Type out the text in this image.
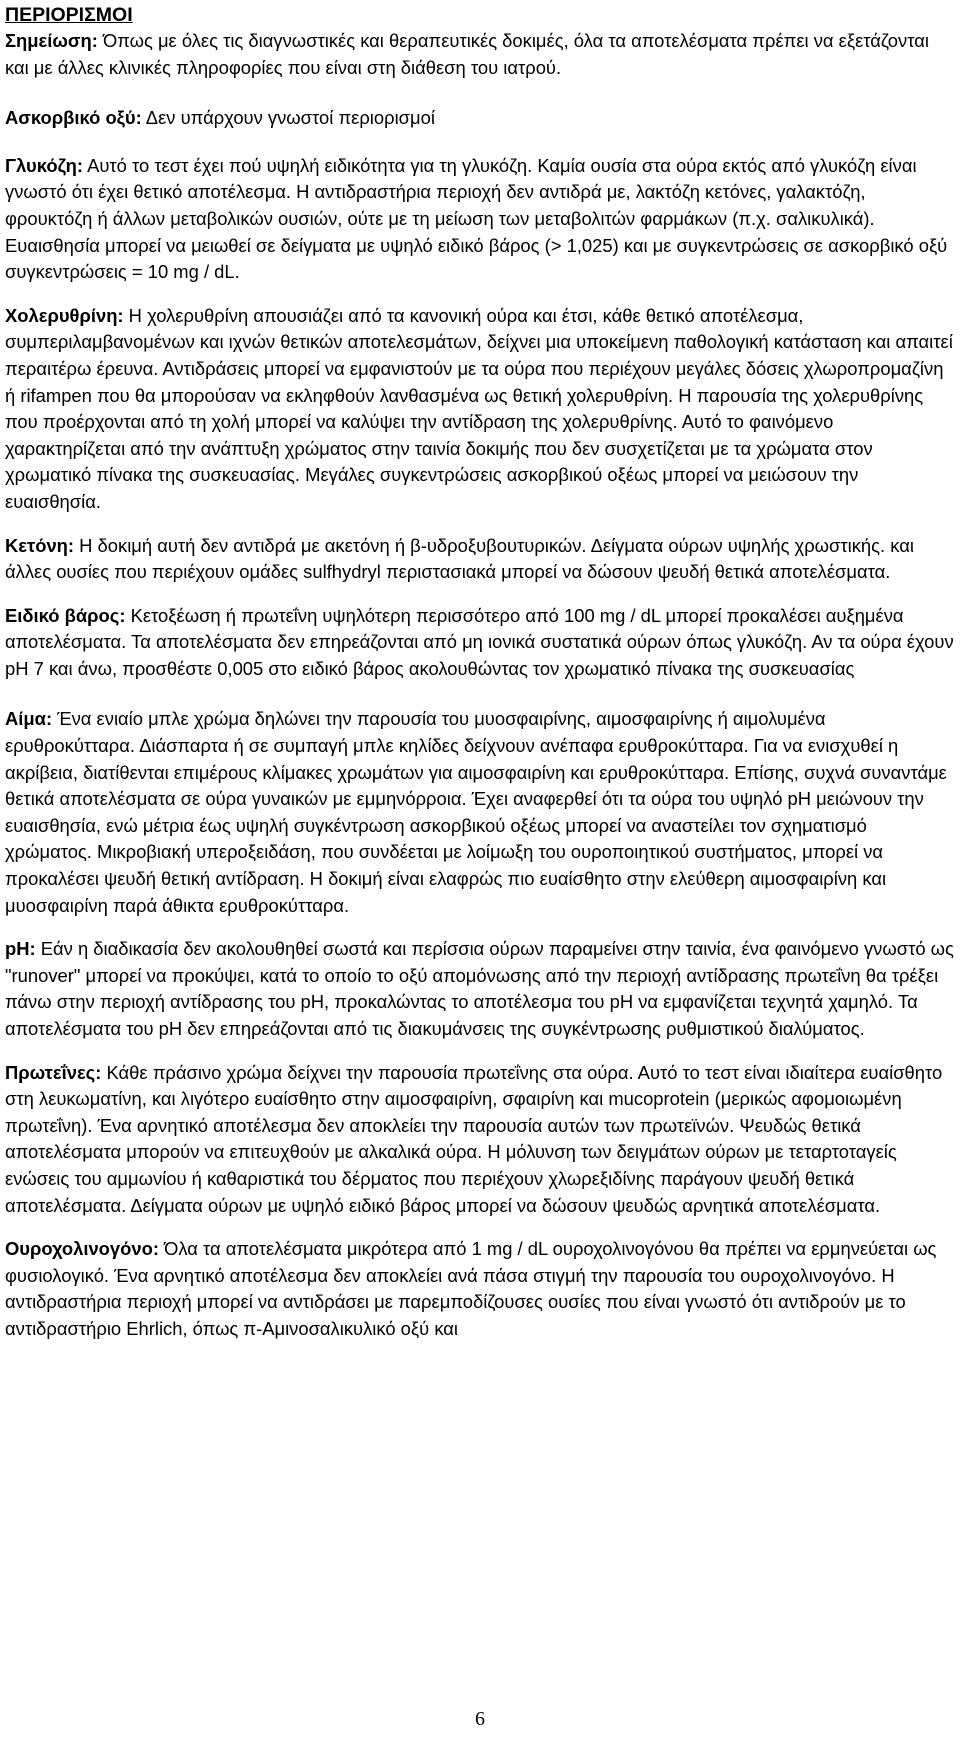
ΠΕΡΙΟΡΙΣΜΟΙ

Σημείωση: Όπως με όλες τις διαγνωστικές και θεραπευτικές δοκιμές, όλα τα αποτελέσματα πρέπει να εξετάζονται και με άλλες κλινικές πληροφορίες που είναι στη διάθεση του ιατρού.

Ασκορβικό οξύ: Δεν υπάρχουν γνωστοί περιορισμοί

Γλυκόζη: Αυτό το τεστ έχει πού υψηλή ειδικότητα για τη γλυκόζη. Καμία ουσία στα ούρα εκτός από γλυκόζη είναι γνωστό ότι έχει θετικό αποτέλεσμα. Η αντιδραστήρια περιοχή δεν αντιδρά με, λακτόζη κετόνες, γαλακτόζη, φρουκτόζη ή άλλων μεταβολικών ουσιών, ούτε με τη μείωση των μεταβολιτών φαρμάκων (π.χ. σαλικυλικά). Ευαισθησία μπορεί να μειωθεί σε δείγματα με υψηλό ειδικό βάρος (> 1,025) και με συγκεντρώσεις σε ασκορβικό οξύ συγκεντρώσεις = 10 mg / dL.

Χολερυθρίνη: Η χολερυθρίνη απουσιάζει από τα κανονική ούρα και έτσι, κάθε θετικό αποτέλεσμα, συμπεριλαμβανομένων και ιχνών θετικών αποτελεσμάτων, δείχνει μια υποκείμενη παθολογική κατάσταση και απαιτεί περαιτέρω έρευνα. Αντιδράσεις μπορεί να εμφανιστούν με τα ούρα που περιέχουν μεγάλες δόσεις χλωροπρομαζίνη ή rifampen που θα μπορούσαν να εκληφθούν λανθασμένα ως θετική χολερυθρίνη. Η παρουσία της χολερυθρίνης που προέρχονται από τη χολή μπορεί να καλύψει την αντίδραση της χολερυθρίνης. Αυτό το φαινόμενο χαρακτηρίζεται από την ανάπτυξη χρώματος στην ταινία δοκιμής που δεν συσχετίζεται με τα χρώματα στον χρωματικό πίνακα της συσκευασίας. Μεγάλες συγκεντρώσεις ασκορβικού οξέως μπορεί να μειώσουν την ευαισθησία.

Κετόνη: Η δοκιμή αυτή δεν αντιδρά με ακετόνη ή β-υδροξυβουτυρικών. Δείγματα ούρων υψηλής χρωστικής. και άλλες ουσίες που περιέχουν ομάδες sulfhydryl περιστασιακά μπορεί να δώσουν ψευδή θετικά αποτελέσματα.

Ειδικό βάρος: Κετοξέωση ή πρωτεΐνη υψηλότερη περισσότερο από 100 mg / dL μπορεί προκαλέσει αυξημένα αποτελέσματα. Τα αποτελέσματα δεν επηρεάζονται από μη ιονικά συστατικά ούρων όπως γλυκόζη. Αν τα ούρα έχουν pH 7 και άνω, προσθέστε 0,005 στο ειδικό βάρος ακολουθώντας τον χρωματικό πίνακα της συσκευασίας

Αίμα: Ένα ενιαίο μπλε χρώμα δηλώνει την παρουσία του μυοσφαιρίνης, αιμοσφαιρίνης ή αιμολυμένα ερυθροκύτταρα. Διάσπαρτα ή σε συμπαγή μπλε κηλίδες δείχνουν ανέπαφα ερυθροκύτταρα. Για να ενισχυθεί η ακρίβεια, διατίθενται επιμέρους κλίμακες χρωμάτων για αιμοσφαιρίνη και ερυθροκύτταρα. Επίσης, συχνά συναντάμε θετικά αποτελέσματα σε ούρα γυναικών με εμμηνόρροια. Έχει αναφερθεί ότι τα ούρα του υψηλό pH μειώνουν την ευαισθησία, ενώ μέτρια έως υψηλή συγκέντρωση ασκορβικού οξέως μπορεί να αναστείλει τον σχηματισμό χρώματος. Μικροβιακή υπεροξειδάση, που συνδέεται με λοίμωξη του ουροποιητικού συστήματος, μπορεί να προκαλέσει ψευδή θετική αντίδραση. Η δοκιμή είναι ελαφρώς πιο ευαίσθητο στην ελεύθερη αιμοσφαιρίνη και μυοσφαιρίνη παρά άθικτα ερυθροκύτταρα.

pH: Εάν η διαδικασία δεν ακολουθηθεί σωστά και περίσσια ούρων παραμείνει στην ταινία, ένα φαινόμενο γνωστό ως "runover" μπορεί να προκύψει, κατά το οποίο το οξύ απομόνωσης από την περιοχή αντίδρασης πρωτεΐνη θα τρέξει πάνω στην περιοχή αντίδρασης του pH, προκαλώντας το αποτέλεσμα του pH να εμφανίζεται τεχνητά χαμηλό. Τα αποτελέσματα του pH δεν επηρεάζονται από τις διακυμάνσεις της συγκέντρωσης ρυθμιστικού διαλύματος.

Πρωτεΐνες: Κάθε πράσινο χρώμα δείχνει την παρουσία πρωτεΐνης στα ούρα. Αυτό το τεστ είναι ιδιαίτερα ευαίσθητο στη λευκωματίνη, και λιγότερο ευαίσθητο στην αιμοσφαιρίνη, σφαιρίνη και mucoprotein (μερικώς αφομοιωμένη πρωτεΐνη). Ένα αρνητικό αποτέλεσμα δεν αποκλείει την παρουσία αυτών των πρωτεϊνών. Ψευδώς θετικά αποτελέσματα μπορούν να επιτευχθούν με αλκαλικά ούρα. Η μόλυνση των δειγμάτων ούρων με τεταρτοταγείς ενώσεις του αμμωνίου ή καθαριστικά του δέρματος που περιέχουν χλωρεξιδίνης παράγουν ψευδή θετικά αποτελέσματα. Δείγματα ούρων με υψηλό ειδικό βάρος μπορεί να δώσουν ψευδώς αρνητικά αποτελέσματα.

Ουροχολινογόνο: Όλα τα αποτελέσματα μικρότερα από 1 mg / dL ουροχολινογόνου θα πρέπει να ερμηνεύεται ως φυσιολογικό. Ένα αρνητικό αποτέλεσμα δεν αποκλείει ανά πάσα στιγμή την παρουσία του ουροχολινογόνο. Η αντιδραστήρια περιοχή μπορεί να αντιδράσει με παρεμποδίζουσες ουσίες που είναι γνωστό ότι αντιδρούν με το αντιδραστήριο Ehrlich, όπως π-Αμινοσαλικυλικό οξύ και

6
